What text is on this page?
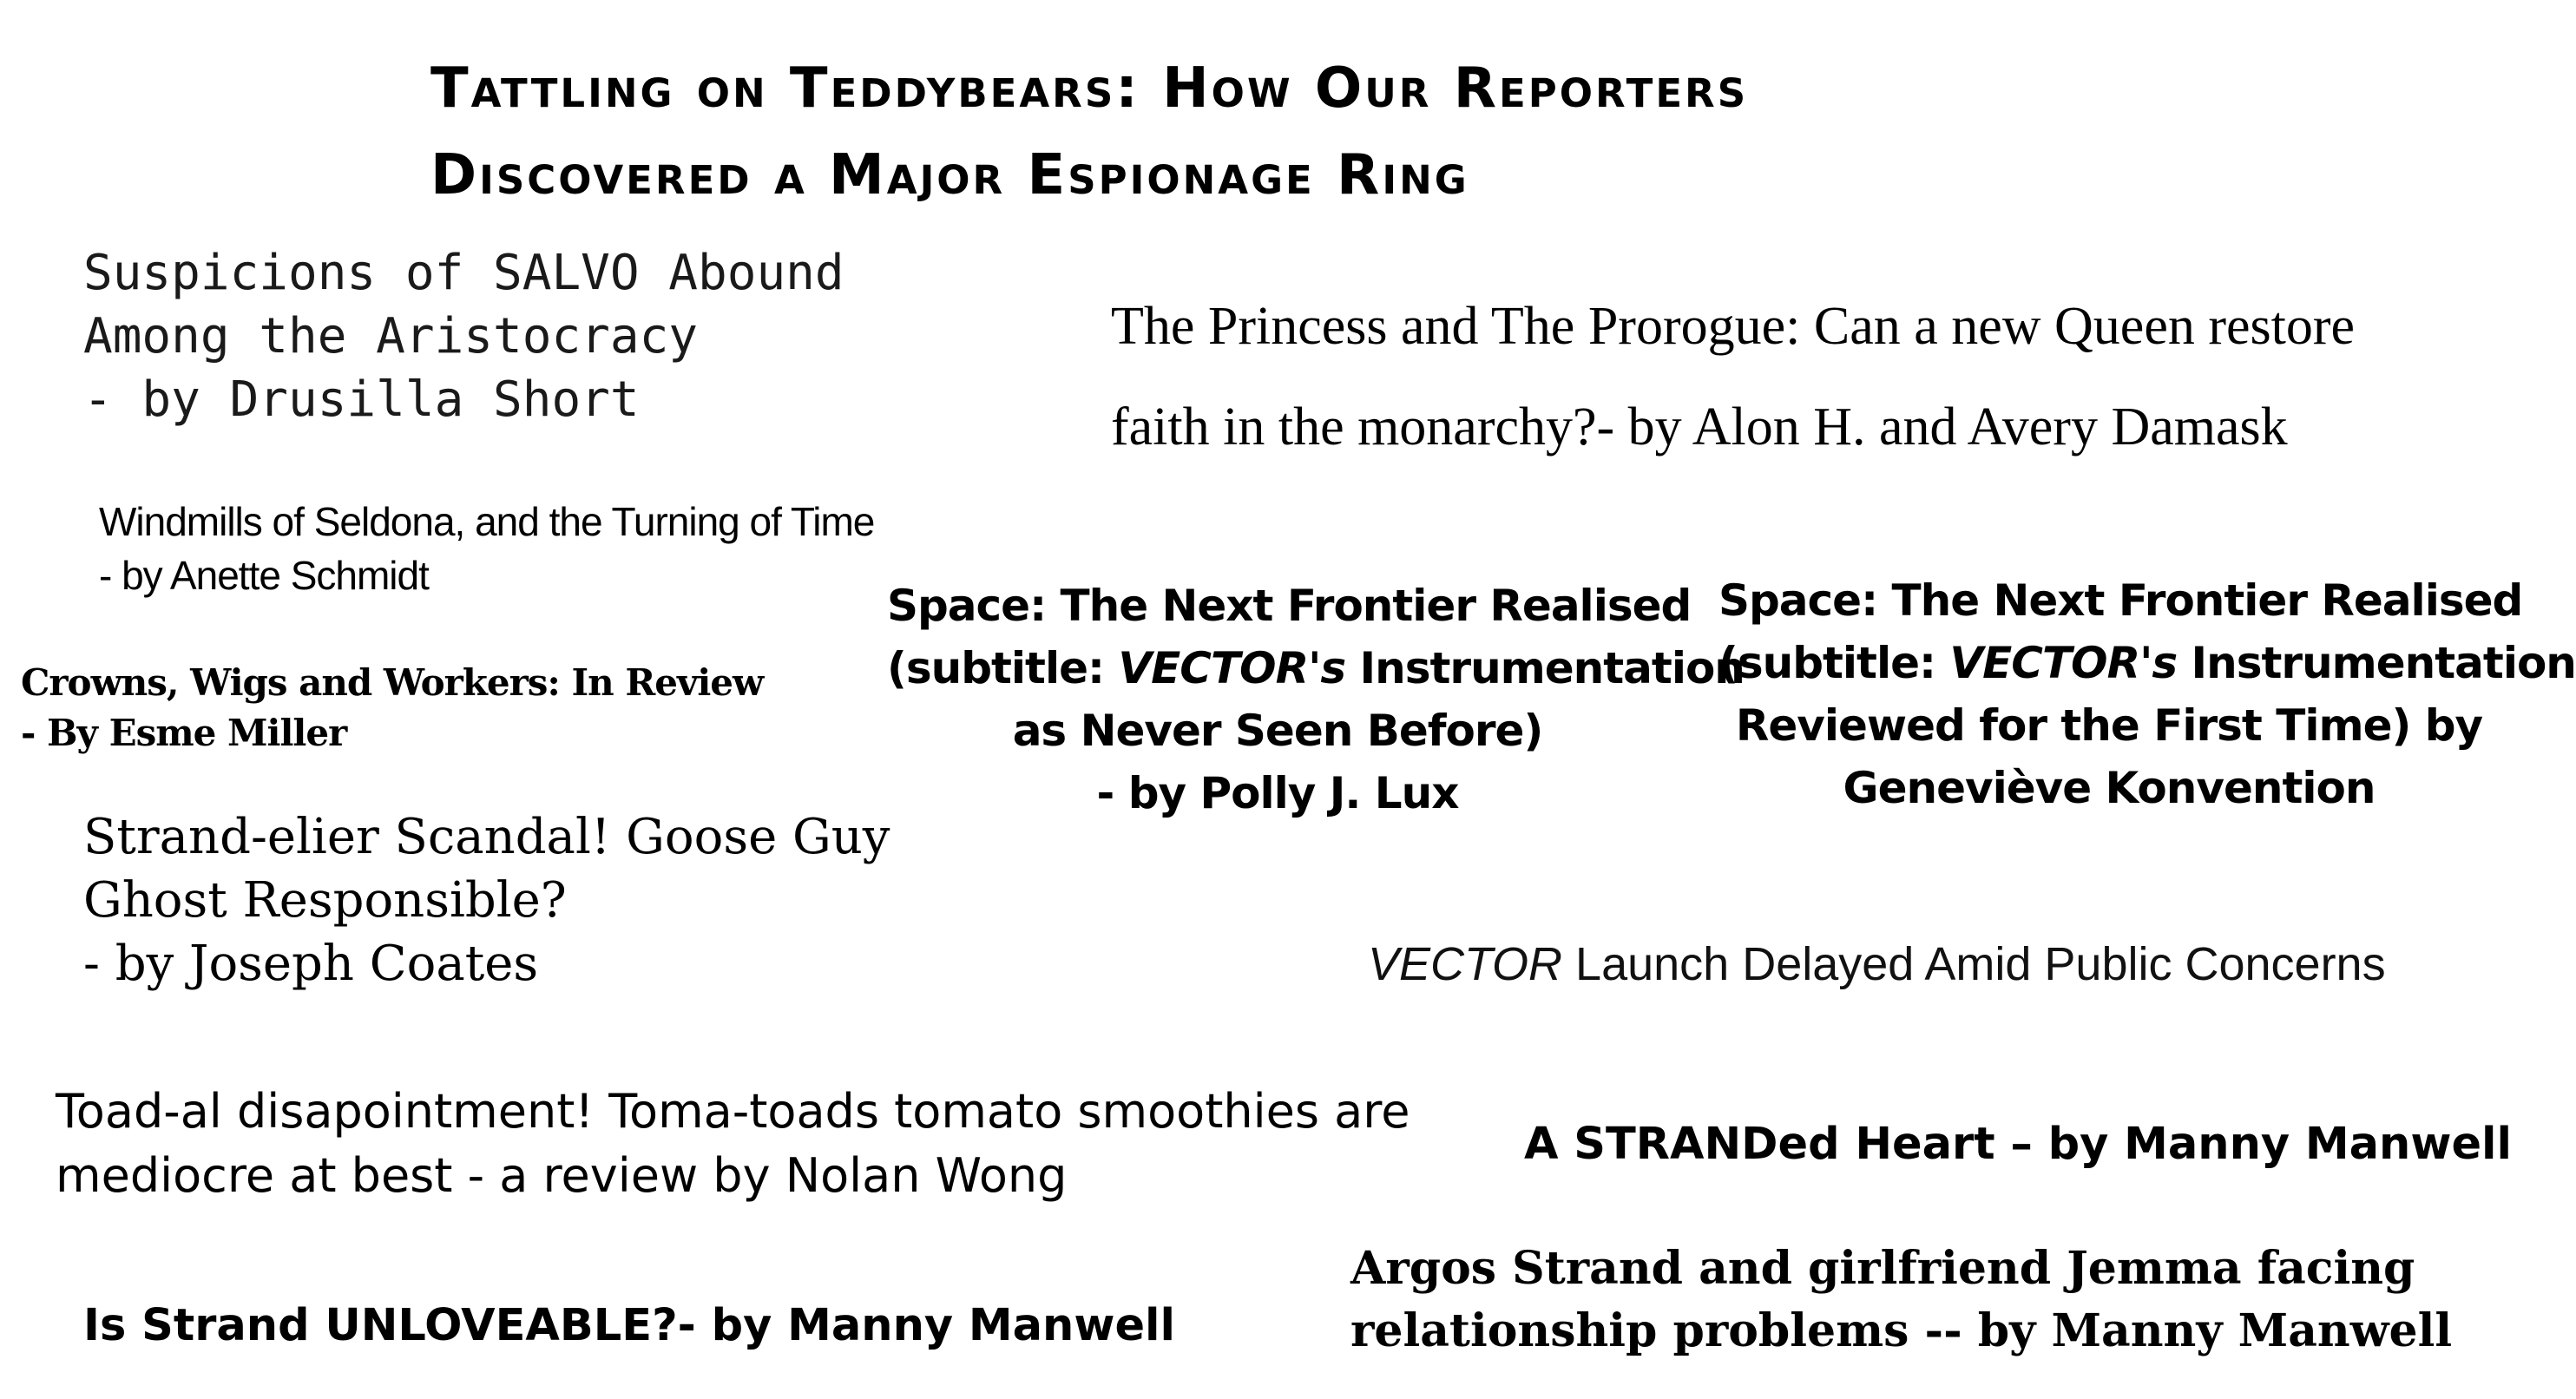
Tattling on Teddybears: How Our Reporters
Discovered a Major Espionage Ring
Suspicions of SALVO Abound
Among the Aristocracy
- by Drusilla Short
The Princess and The Prorogue: Can a new Queen restore
faith in the monarchy?- by Alon H. and Avery Damask
Windmills of Seldona, and the Turning of Time
- by Anette Schmidt
Crowns, Wigs and Workers: In Review
- By Esme Miller
Space: The Next Frontier Realised
(subtitle: VECTOR's Instrumentation
as Never Seen Before)
- by Polly J. Lux
Space: The Next Frontier Realised
(subtitle: VECTOR's Instrumentation
Reviewed for the First Time) by
Geneviève Konvention
Strand-elier Scandal! Goose Guy
Ghost Responsible?
- by Joseph Coates	VECTOR Launch Delayed Amid Public Concerns
Toad-al disapointment! Toma-toads tomato smoothies are
mediocre at best - a review by Nolan Wong
A STRANDed Heart – by Manny Manwell
Argos Strand and girlfriend Jemma facing
relationship problems -- by Manny Manwell
Is Strand UNLOVEABLE?- by Manny Manwell
